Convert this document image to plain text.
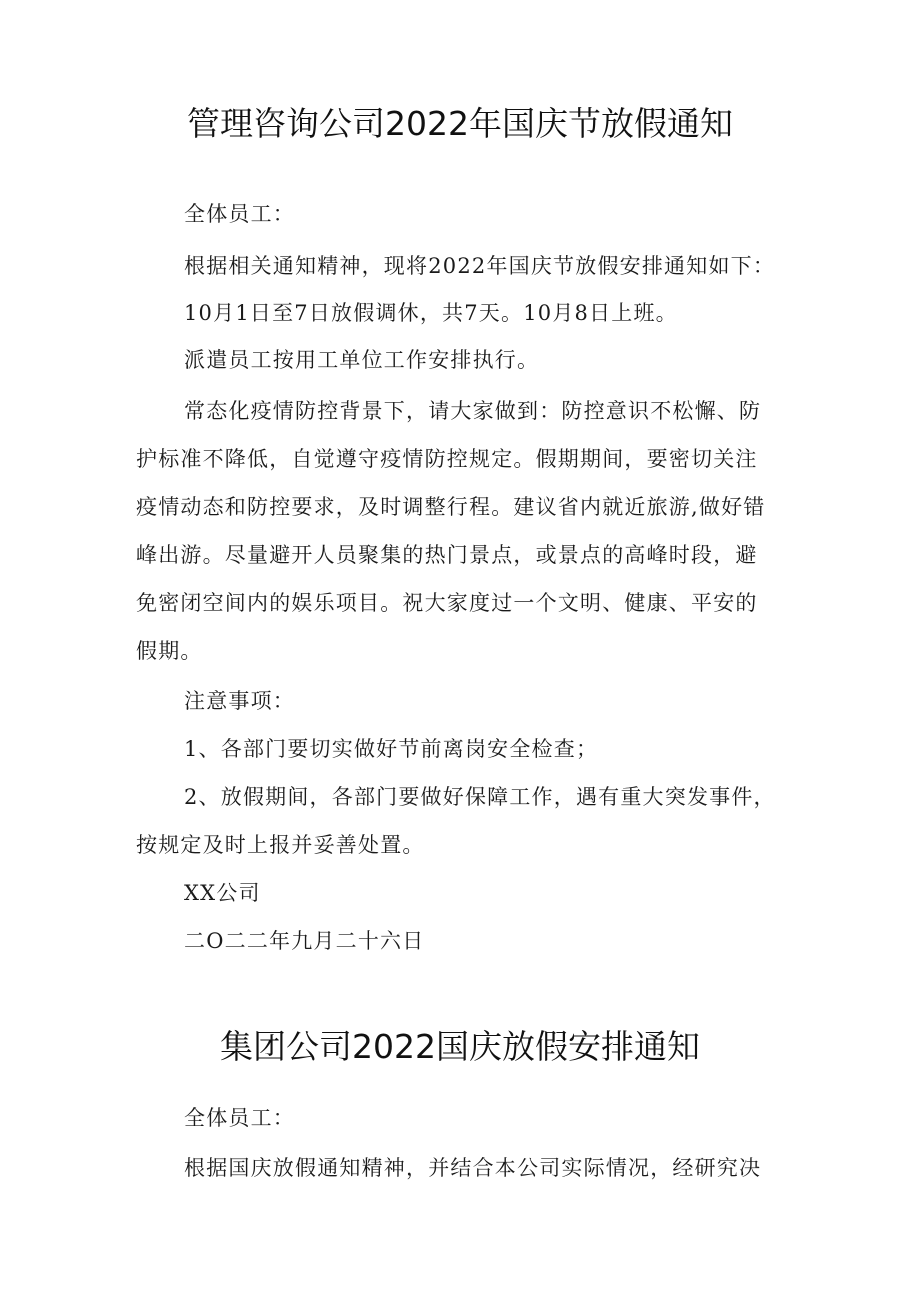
管理咨询公司2022年国庆节放假通知

全体员工：

根据相关通知精神，现将2022年国庆节放假安排通知如下：

10月1日至7日放假调休，共7天。10月8日上班。

派遣员工按用工单位工作安排执行。

常态化疫情防控背景下，请大家做到：防控意识不松懈、防

护标准不降低，自觉遵守疫情防控规定。假期期间，要密切关注

疫情动态和防控要求，及时调整行程。建议省内就近旅游,做好错

峰出游。尽量避开人员聚集的热门景点，或景点的高峰时段，避

免密闭空间内的娱乐项目。祝大家度过一个文明、健康、平安的

假期。

注意事项：

1、各部门要切实做好节前离岗安全检查；

2、放假期间，各部门要做好保障工作，遇有重大突发事件，

按规定及时上报并妥善处置。

XX公司

二O二二年九月二十六日

集团公司2022国庆放假安排通知

全体员工：

根据国庆放假通知精神，并结合本公司实际情况，经研究决
